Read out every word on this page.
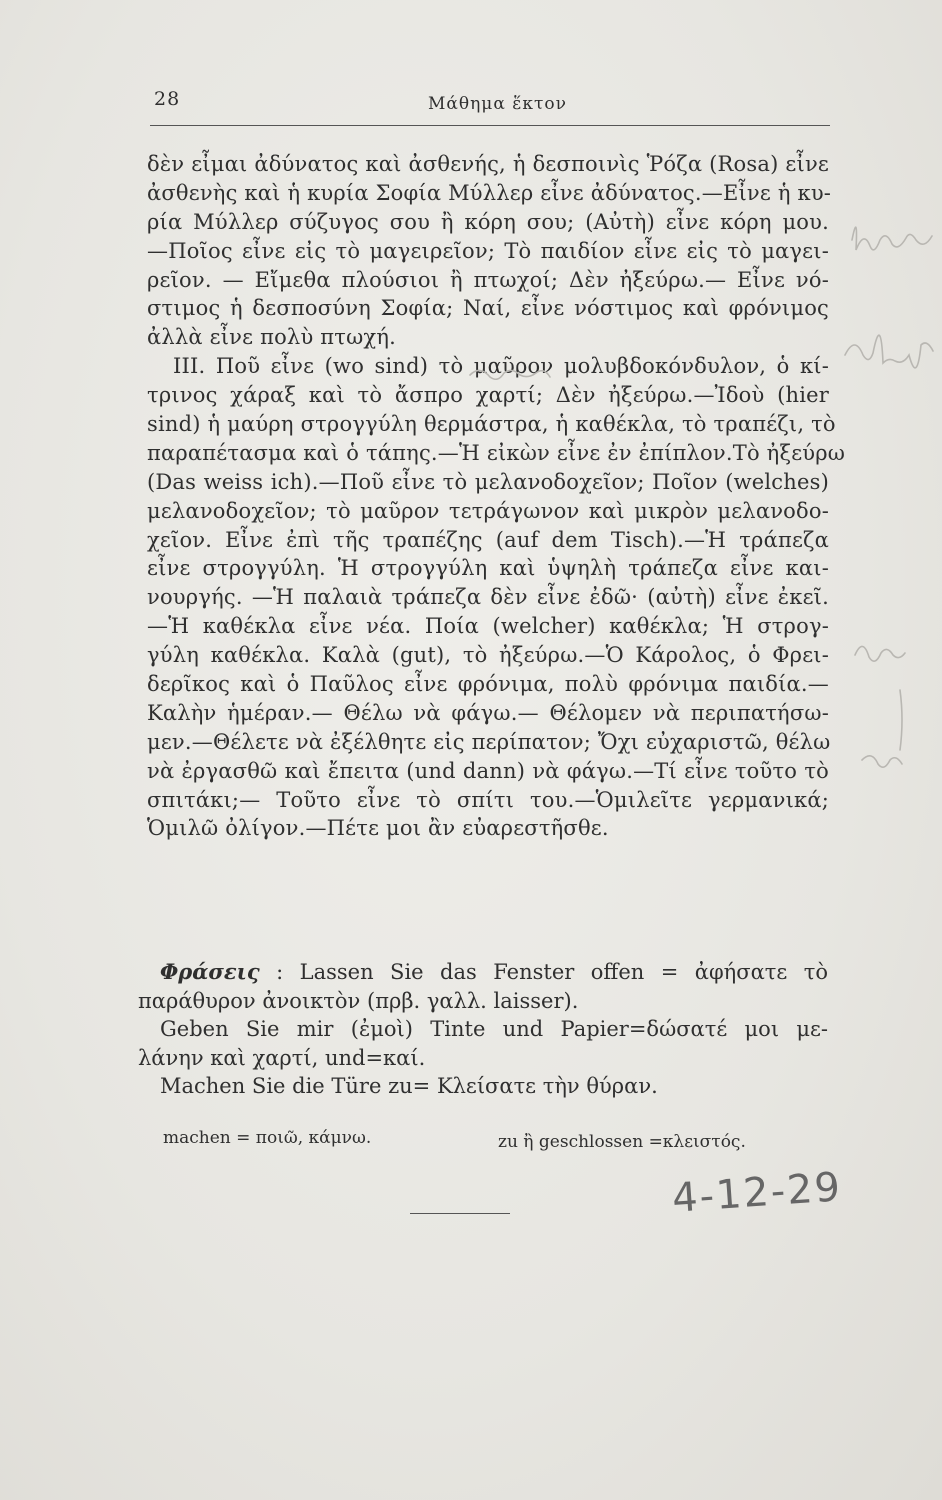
28	Μάθημα ἕκτον
δὲν εἶμαι ἀδύνατος καὶ ἀσθενής, ἡ δεσποινὶς Ῥόζα (Rosa) εἶνε
ἀσθενὴς καὶ ἡ κυρία Σοφία Μύλλερ εἶνε ἀδύνατος.—Εἶνε ἡ κυ-
ρία Μύλλερ σύζυγος σου ἢ κόρη σου; (Αὐτὴ) εἶνε κόρη μου.
—Ποῖος εἶνε εἰς τὸ μαγειρεῖον; Τὸ παιδίον εἶνε εἰς τὸ μαγει-
ρεῖον. — Εἴμεθα πλούσιοι ἢ πτωχοί; Δὲν ἠξεύρω.— Εἶνε νό-
στιμος ἡ δεσποσύνη Σοφία; Ναί, εἶνε νόστιμος καὶ φρόνιμος
ἀλλὰ εἶνε πολὺ πτωχή.
III. Ποῦ εἶνε (wo sind) τὸ μαῦρον μολυβδοκόνδυλον, ὁ κί-
τρινος χάραξ καὶ τὸ ἄσπρο χαρτί; Δὲν ἠξεύρω.—Ἰδοὺ (hier
sind) ἡ μαύρη στρογγύλη θερμάστρα, ἡ καθέκλα, τὸ τραπέζι, τὸ
παραπέτασμα καὶ ὁ τάπης.—Ἡ εἰκὼν εἶνε ἐν ἐπίπλον.Τὸ ἠξεύρω
(Das weiss ich).—Ποῦ εἶνε τὸ μελανοδοχεῖον; Ποῖον (welches)
μελανοδοχεῖον; τὸ μαῦρον τετράγωνον καὶ μικρὸν μελανοδο-
χεῖον. Εἶνε ἐπὶ τῆς τραπέζης (auf dem Tisch).—Ἡ τράπεζα
εἶνε στρογγύλη. Ἡ στρογγύλη καὶ ὑψηλὴ τράπεζα εἶνε και-
νουργής. —Ἡ παλαιὰ τράπεζα δὲν εἶνε ἐδῶ· (αὐτὴ) εἶνε ἐκεῖ.
—Ἡ καθέκλα εἶνε νέα. Ποία (welcher) καθέκλα; Ἡ στρογ-
γύλη καθέκλα. Καλὰ (gut), τὸ ἠξεύρω.—Ὁ Κάρολος, ὁ Φρει-
δερῖκος καὶ ὁ Παῦλος εἶνε φρόνιμα, πολὺ φρόνιμα παιδία.—
Καλὴν ἡμέραν.— Θέλω νὰ φάγω.— Θέλομεν νὰ περιπατήσω-
μεν.—Θέλετε νὰ ἐξέλθητε εἰς περίπατον; Ὄχι εὐχαριστῶ, θέλω
νὰ ἐργασθῶ καὶ ἔπειτα (und dann) νὰ φάγω.—Τί εἶνε τοῦτο τὸ
σπιτάκι;— Τοῦτο εἶνε τὸ σπίτι του.—Ὁμιλεῖτε γερμανικά;
Ὁμιλῶ ὀλίγον.—Πέτε μοι ἂν εὐαρεστῆσθε.
Φράσεις : Lassen Sie das Fenster offen = ἀφήσατε τὸ
παράθυρον ἀνοικτὸν (πρβ. γαλλ. laisser).
Geben Sie mir (ἐμοὶ) Tinte und Papier=δώσατέ μοι με-
λάνην καὶ χαρτί, und=καί.
Machen Sie die Türe zu= Κλείσατε τὴν θύραν.
machen = ποιῶ, κάμνω.	zu ἢ geschlossen =κλειστός.
4-12-29
